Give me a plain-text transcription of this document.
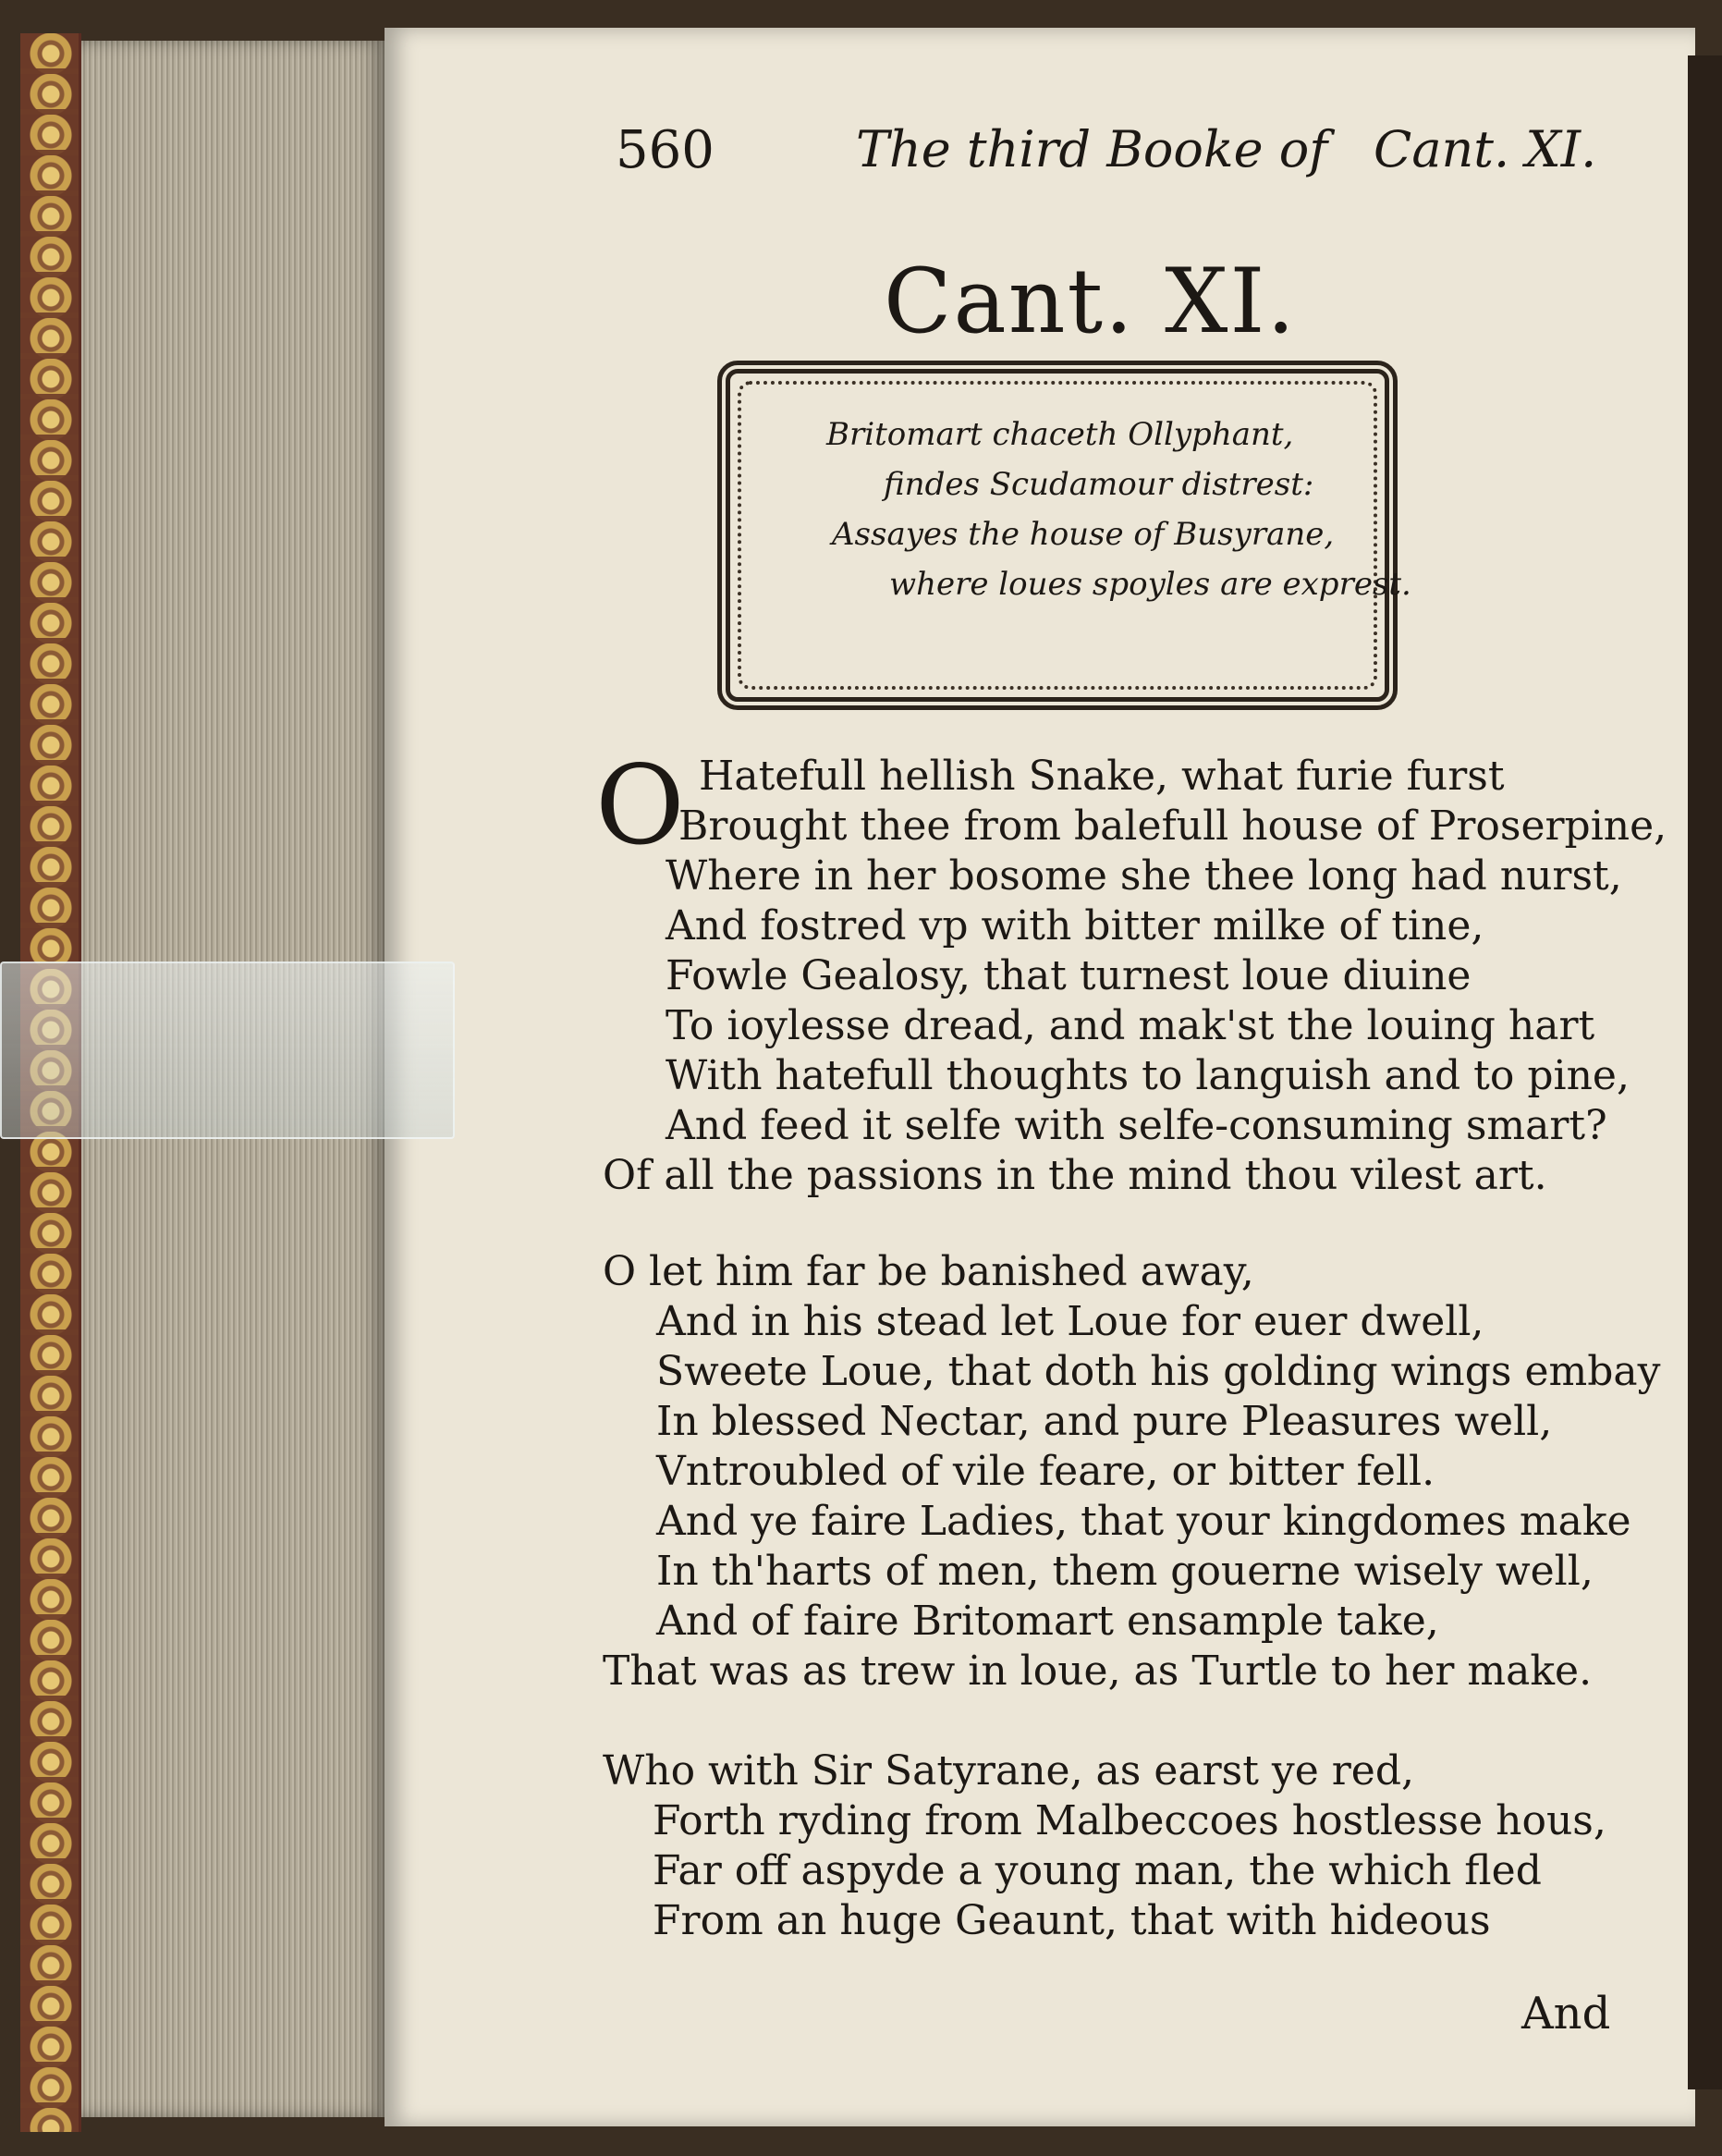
560	The third Booke of Cant. XI.
Cant. XI.
Britomart chaceth Ollyphant,
findes Scudamour distrest:
Assayes the house of Busyrane,
where loues spoyles are exprest.
O Hatefull hellish Snake, what furie furst
Brought thee from balefull house of Proserpine,
Where in her bosome she thee long had nurst,
And fostred vp with bitter milke of tine,
Fowle Gealosy, that turnest loue diuine
To ioylesse dread, and mak'st the louing hart
With hatefull thoughts to languish and to pine,
And feed it selfe with selfe-consuming smart?
Of all the passions in the mind thou vilest art.
O let him far be banished away,
And in his stead let Loue for euer dwell,
Sweete Loue, that doth his golding wings embay
In blessed Nectar, and pure Pleasures well,
Vntroubled of vile feare, or bitter fell.
And ye faire Ladies, that your kingdomes make
In th'harts of men, them gouerne wisely well,
And of faire Britomart ensample take,
That was as trew in loue, as Turtle to her make.
Who with Sir Satyrane, as earst ye red,
Forth ryding from Malbeccoes hostlesse hous,
Far off aspyde a young man, the which fled
From an huge Geaunt, that with hideous
And
